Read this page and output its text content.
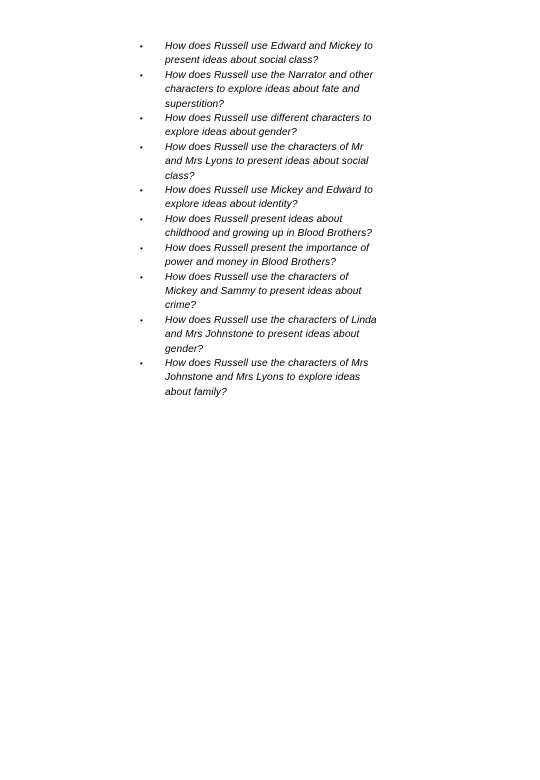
• How does Russell use Edward and Mickey to present ideas about social class?
• How does Russell use the Narrator and other characters to explore ideas about fate and superstition?
• How does Russell use different characters to explore ideas about gender?
• How does Russell use the characters of Mr and Mrs Lyons to present ideas about social class?
• How does Russell use Mickey and Edward to explore ideas about identity?
• How does Russell present ideas about childhood and growing up in Blood Brothers?
• How does Russell present the importance of power and money in Blood Brothers?
• How does Russell use the characters of Mickey and Sammy to present ideas about crime?
• How does Russell use the characters of Linda and Mrs Johnstone to present ideas about gender?
• How does Russell use the characters of Mrs Johnstone and Mrs Lyons to explore ideas about family?
